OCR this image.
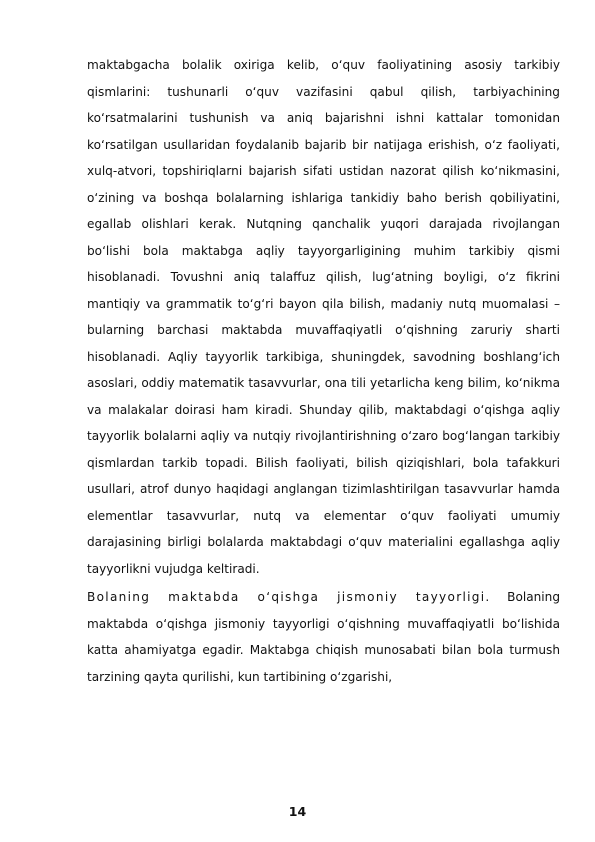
maktabgacha bolalik oxiriga kelib, o‘quv faoliyatining asosiy tarkibiy qismlarini: tushunarli o‘quv vazifasini qabul qilish, tarbiyachining ko‘rsatmalarini tushunish va aniq bajarishni ishni kattalar tomonidan ko‘rsatilgan usullaridan foydalanib bajarib bir natijaga erishish, o‘z faoliyati, xulq-atvori, topshiriqlarni bajarish sifati ustidan nazorat qilish ko‘nikmasini, o‘zining va boshqa bolalarning ishlariga tankidiy baho berish qobiliyatini, egallab olishlari kerak. Nutqning qanchalik yuqori darajada rivojlangan bo‘lishi bola maktabga aqliy tayyorgarligining muhim tarkibiy qismi hisoblanadi. Tovushni aniq talaffuz qilish, lug‘atning boyligi, o‘z fikrini mantiqiy va grammatik to‘g‘ri bayon qila bilish, madaniy nutq muomalasi – bularning barchasi maktabda muvaffaqiyatli o‘qishning zaruriy sharti hisoblanadi. Aqliy tayyorlik tarkibiga, shuningdek, savodning boshlang‘ich asoslari, oddiy matematik tasavvurlar, ona tili yetarlicha keng bilim, ko‘nikma va malakalar doirasi ham kiradi. Shunday qilib, maktabdagi o‘qishga aqliy tayyorlik bolalarni aqliy va nutqiy rivojlantirishning o‘zaro bog‘langan tarkibiy qismlardan tarkib topadi. Bilish faoliyati, bilish qiziqishlari, bola tafakkuri usullari, atrof dunyo haqidagi anglangan tizimlashtirilgan tasavvurlar hamda elementlar tasavvurlar, nutq va elementar o‘quv faoliyati umumiy darajasining birligi bolalarda maktabdagi o‘quv materialini egallashga aqliy tayyorlikni vujudga keltiradi.

Bolaning maktabda o‘qishga jismoniy tayyorligi. Bolaning maktabda o‘qishga jismoniy tayyorligi o‘qishning muvaffaqiyatli bo‘lishida katta ahamiyatga egadir. Maktabga chiqish munosabati bilan bola turmush tarzining qayta qurilishi, kun tartibining o‘zgarishi,

14
